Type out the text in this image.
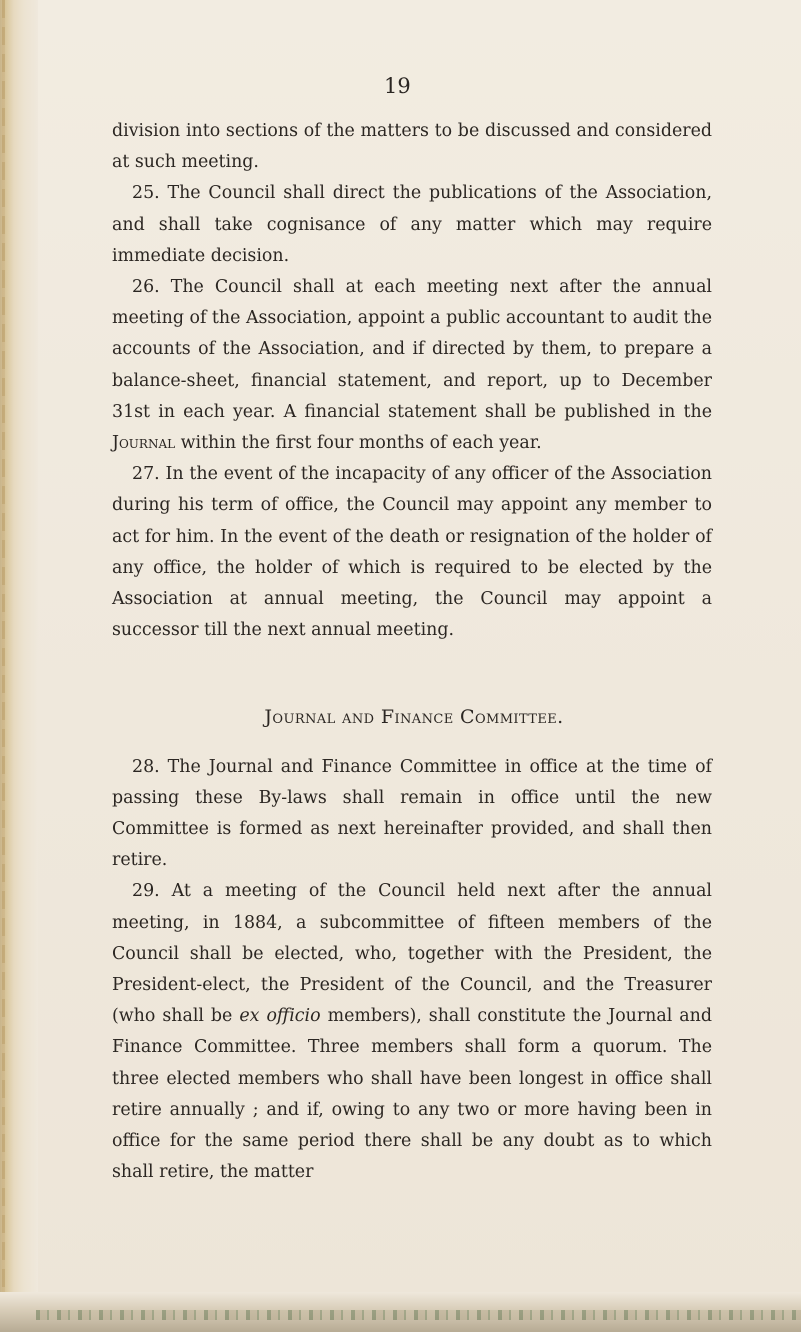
19

division into sections of the matters to be discussed and considered at such meeting.

25. The Council shall direct the publications of the Association, and shall take cognisance of any matter which may require immediate decision.

26. The Council shall at each meeting next after the annual meeting of the Association, appoint a public accountant to audit the accounts of the Association, and if directed by them, to prepare a balance-sheet, financial statement, and report, up to December 31st in each year. A financial statement shall be published in the Journal within the first four months of each year.

27. In the event of the incapacity of any officer of the Association during his term of office, the Council may appoint any member to act for him. In the event of the death or resignation of the holder of any office, the holder of which is required to be elected by the Association at annual meeting, the Council may appoint a successor till the next annual meeting.

Journal and Finance Committee.

28. The Journal and Finance Committee in office at the time of passing these By-laws shall remain in office until the new Committee is formed as next hereinafter provided, and shall then retire.

29. At a meeting of the Council held next after the annual meeting, in 1884, a subcommittee of fifteen members of the Council shall be elected, who, together with the President, the President-elect, the President of the Council, and the Treasurer (who shall be ex officio members), shall constitute the Journal and Finance Committee. Three members shall form a quorum. The three elected members who shall have been longest in office shall retire annually ; and if, owing to any two or more having been in office for the same period there shall be any doubt as to which shall retire, the matter
